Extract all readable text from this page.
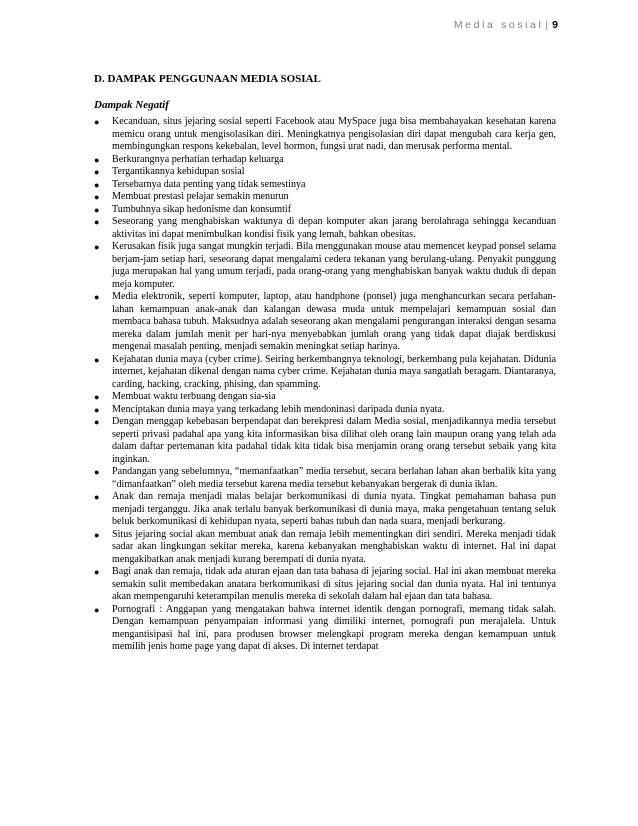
Media sosial | 9
D. DAMPAK PENGGUNAAN MEDIA SOSIAL
Dampak Negatif
● Kecanduan, situs jejaring sosial seperti Facebook atau MySpace juga bisa membahayakan kesehatan karena memicu orang untuk mengisolasikan diri. Meningkatnya pengisolasian diri dapat mengubah cara kerja gen, membingungkan respons kekebalan, level hormon, fungsi urat nadi, dan merusak performa mental.
● Berkurangnya perhatian terhadap keluarga
● Tergantikannya kehidupan sosial
● Tersebarnya data penting yang tidak semestinya
● Membuat prestasi pelajar semakin menurun
● Tumbuhnya sikap hedonisme dan konsumtif
● Seseorang yang menghabiskan waktunya di depan komputer akan jarang berolahraga sehingga kecanduan aktivitas ini dapat menimbulkan kondisi fisik yang lemah, bahkan obesitas.
● Kerusakan fisik juga sangat mungkin terjadi. Bila menggunakan mouse atau memencet keypad ponsel selama berjam-jam setiap hari, seseorang dapat mengalami cedera tekanan yang berulang-ulang. Penyakit punggung juga merupakan hal yang umum terjadi, pada orang-orang yang menghabiskan banyak waktu duduk di depan meja komputer.
● Media elektronik, seperti komputer, laptop, atau handphone (ponsel) juga menghancurkan secara perlahan-lahan kemampuan anak-anak dan kalangan dewasa muda untuk mempelajari kemampuan sosial dan membaca bahasa tubuh. Maksudnya adalah seseorang akan mengalami pengurangan interaksi dengan sesama mereka dalam jumlah menit per hari-nya menyebabkan jumlah orang yang tidak dapat diajak berdiskusi mengenai masalah penting, menjadi semakin meningkat setiap harinya.
● Kejahatan dunia maya (cyber crime). Seiring berkembangnya teknologi, berkembang pula kejahatan. Didunia internet, kejahatan dikenal dengan nama cyber crime. Kejahatan dunia maya sangatlah beragam. Diantaranya, carding, hacking, cracking, phising, dan spamming.
● Membuat waktu terbuang dengan sia-sia
● Menciptakan dunia maya yang terkadang lebih mendoninasi daripada dunia nyata.
● Dengan menggap kebebasan berpendapat dan berekpresi dalam Media sosial, menjadikannya media tersebut seperti privasi padahal apa yang kita informasikan bisa dilihat oleh orang lain maupun orang yang telah ada dalam daftar pertemanan kita padahal tidak kita tidak bisa menjamin orang orang tersebut sebaik yang kita inginkan.
● Pandangan yang sebelumnya, “memanfaatkan” media tersebut, secara berlahan lahan akan berbalik kita yang “dimanfaatkan” oleh media tersebut karena media tersebut kebanyakan bergerak di dunia iklan.
● Anak dan remaja menjadi malas belajar berkomunikasi di dunia nyata. Tingkat pemahaman bahasa pun menjadi terganggu. Jika anak terlalu banyak berkomunikasi di dunia maya, maka pengetahuan tentang seluk beluk berkomunikasi di kehidupan nyata, seperti bahas tubuh dan nada suara, menjadi berkurang.
● Situs jejaring social akan membuat anak dan remaja lebih mementingkan diri sendiri. Mereka menjadi tidak sadar akan lingkungan sekitar mereka, karena kebanyakan menghabiskan waktu di internet. Hal ini dapat mengakibatkan anak menjadi kurang berempati di dunia nyata.
● Bagi anak dan remaja, tidak ada aturan ejaan dan tata bahasa di jejaring social. Hal ini akan membuat mereka semakin sulit membedakan anatara berkomunikasi di situs jejaring social dan dunia nyata. Hal ini tentunya akan mempengaruhi keterampilan menulis mereka di sekolah dalam hal ejaan dan tata bahasa.
● Pornografi : Anggapan yang mengatakan bahwa internet identik dengan pornografi, memang tidak salah. Dengan kemampuan penyampaian informasi yang dimiliki internet, pornografi pun merajalela. Untuk mengantisipasi hal ini, para produsen browser melengkapi program mereka dengan kemampuan untuk memilih jenis home page yang dapat di akses. Di internet terdapat
